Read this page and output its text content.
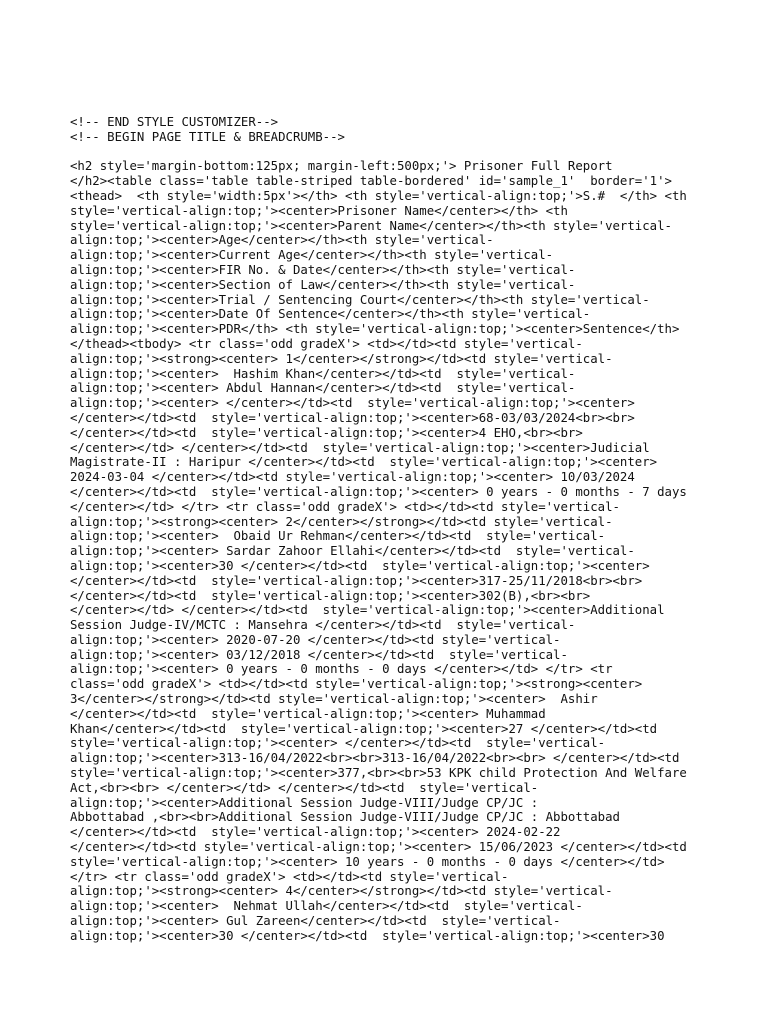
<!-- END STYLE CUSTOMIZER-->
<!-- BEGIN PAGE TITLE & BREADCRUMB-->
<h2 style='margin-bottom:125px; margin-left:500px;'> Prisoner Full Report
</h2><table class='table table-striped table-bordered' id='sample_1'  border='1'>
<thead>  <th style='width:5px'></th> <th style='vertical-align:top;'>S.#  </th> <th
style='vertical-align:top;'><center>Prisoner Name</center></th> <th
style='vertical-align:top;'><center>Parent Name</center></th><th style='vertical-
align:top;'><center>Age</center></th><th style='vertical-
align:top;'><center>Current Age</center></th><th style='vertical-
align:top;'><center>FIR No. & Date</center></th><th style='vertical-
align:top;'><center>Section of Law</center></th><th style='vertical-
align:top;'><center>Trial / Sentencing Court</center></th><th style='vertical-
align:top;'><center>Date Of Sentence</center></th><th style='vertical-
align:top;'><center>PDR</th> <th style='vertical-align:top;'><center>Sentence</th>
</thead><tbody> <tr class='odd gradeX'> <td></td><td style='vertical-
align:top;'><strong><center> 1</center></strong></td><td style='vertical-
align:top;'><center>  Hashim Khan</center></td><td  style='vertical-
align:top;'><center> Abdul Hannan</center></td><td  style='vertical-
align:top;'><center> </center></td><td  style='vertical-align:top;'><center>
</center></td><td  style='vertical-align:top;'><center>68-03/03/2024<br><br>
</center></td><td  style='vertical-align:top;'><center>4 EHO,<br><br>
</center></td> </center></td><td  style='vertical-align:top;'><center>Judicial
Magistrate-II : Haripur </center></td><td  style='vertical-align:top;'><center>
2024-03-04 </center></td><td style='vertical-align:top;'><center> 10/03/2024
</center></td><td  style='vertical-align:top;'><center> 0 years - 0 months - 7 days
</center></td> </tr> <tr class='odd gradeX'> <td></td><td style='vertical-
align:top;'><strong><center> 2</center></strong></td><td style='vertical-
align:top;'><center>  Obaid Ur Rehman</center></td><td  style='vertical-
align:top;'><center> Sardar Zahoor Ellahi</center></td><td  style='vertical-
align:top;'><center>30 </center></td><td  style='vertical-align:top;'><center>
</center></td><td  style='vertical-align:top;'><center>317-25/11/2018<br><br>
</center></td><td  style='vertical-align:top;'><center>302(B),<br><br>
</center></td> </center></td><td  style='vertical-align:top;'><center>Additional
Session Judge-IV/MCTC : Mansehra </center></td><td  style='vertical-
align:top;'><center> 2020-07-20 </center></td><td style='vertical-
align:top;'><center> 03/12/2018 </center></td><td  style='vertical-
align:top;'><center> 0 years - 0 months - 0 days </center></td> </tr> <tr
class='odd gradeX'> <td></td><td style='vertical-align:top;'><strong><center>
3</center></strong></td><td style='vertical-align:top;'><center>  Ashir
</center></td><td  style='vertical-align:top;'><center> Muhammad
Khan</center></td><td  style='vertical-align:top;'><center>27 </center></td><td
style='vertical-align:top;'><center> </center></td><td  style='vertical-
align:top;'><center>313-16/04/2022<br><br>313-16/04/2022<br><br> </center></td><td
style='vertical-align:top;'><center>377,<br><br>53 KPK child Protection And Welfare
Act,<br><br> </center></td> </center></td><td  style='vertical-
align:top;'><center>Additional Session Judge-VIII/Judge CP/JC :
Abbottabad ,<br><br>Additional Session Judge-VIII/Judge CP/JC : Abbottabad
</center></td><td  style='vertical-align:top;'><center> 2024-02-22
</center></td><td style='vertical-align:top;'><center> 15/06/2023 </center></td><td
style='vertical-align:top;'><center> 10 years - 0 months - 0 days </center></td>
</tr> <tr class='odd gradeX'> <td></td><td style='vertical-
align:top;'><strong><center> 4</center></strong></td><td style='vertical-
align:top;'><center>  Nehmat Ullah</center></td><td  style='vertical-
align:top;'><center> Gul Zareen</center></td><td  style='vertical-
align:top;'><center>30 </center></td><td  style='vertical-align:top;'><center>30
